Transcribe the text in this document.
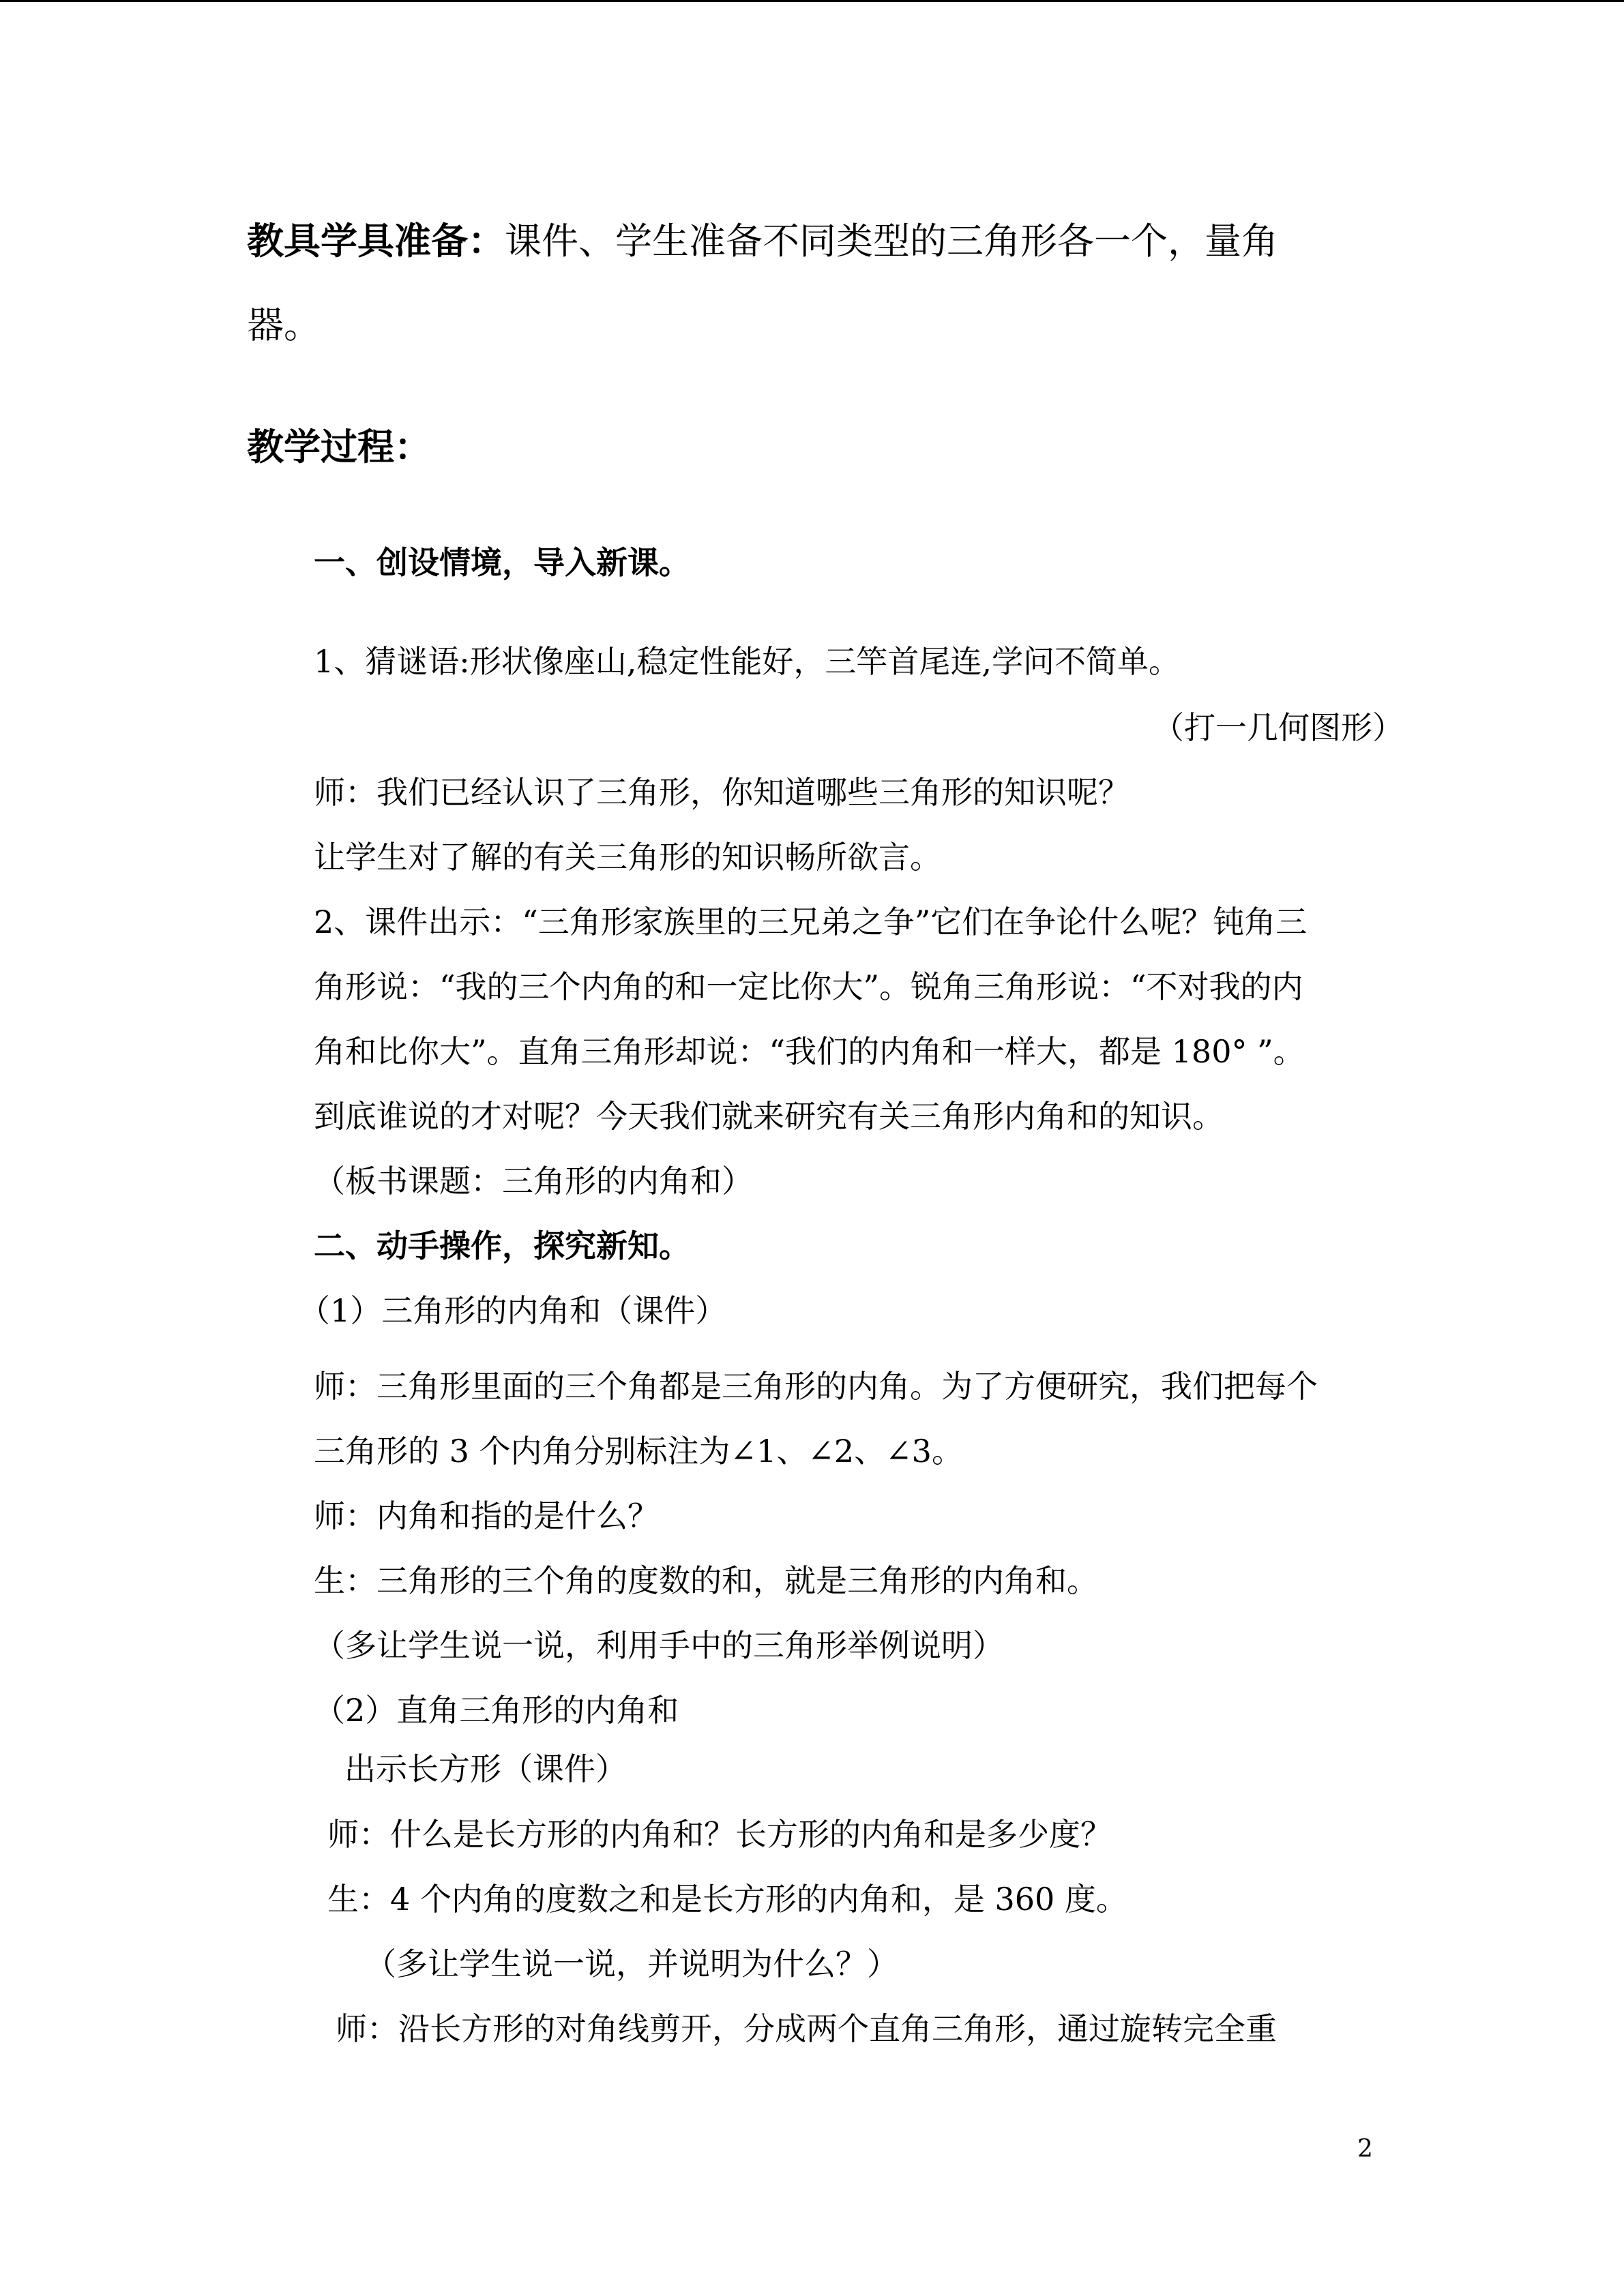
教具学具准备：课件、学生准备不同类型的三角形各一个，量角
器。
教学过程：
一、创设情境，导入新课。
1、猜谜语:形状像座山,稳定性能好，三竿首尾连,学问不简单。
（打一几何图形）
师：我们已经认识了三角形，你知道哪些三角形的知识呢？
让学生对了解的有关三角形的知识畅所欲言。
2、课件出示：“三角形家族里的三兄弟之争”它们在争论什么呢？钝角三
角形说：“我的三个内角的和一定比你大”。锐角三角形说：“不对我的内
角和比你大”。直角三角形却说：“我们的内角和一样大，都是 180° ”。
到底谁说的才对呢？今天我们就来研究有关三角形内角和的知识。
（板书课题：三角形的内角和）
二、动手操作，探究新知。
（1）三角形的内角和（课件）
师：三角形里面的三个角都是三角形的内角。为了方便研究，我们把每个
三角形的 3 个内角分别标注为∠1、∠2、∠3。
师：内角和指的是什么？
生：三角形的三个角的度数的和，就是三角形的内角和。
（多让学生说一说，利用手中的三角形举例说明）
（2）直角三角形的内角和
出示长方形（课件）
师：什么是长方形的内角和？长方形的内角和是多少度？
生：4 个内角的度数之和是长方形的内角和，是 360 度。
（多让学生说一说，并说明为什么？）
师：沿长方形的对角线剪开，分成两个直角三角形，通过旋转完全重
2
